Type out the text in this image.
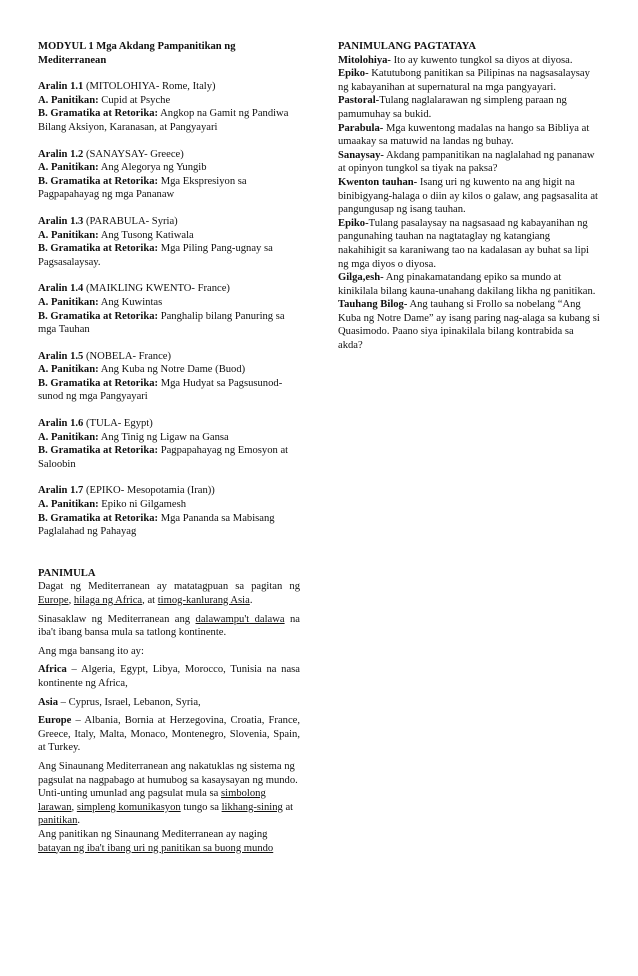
MODYUL 1 Mga Akdang Pampanitikan ng Mediterranean
Aralin 1.1 (MITOLOHIYA- Rome, Italy)
A. Panitikan: Cupid at Psyche
B. Gramatika at Retorika: Angkop na Gamit ng Pandiwa Bilang Aksiyon, Karanasan, at Pangyayari
Aralin 1.2 (SANAYSAY- Greece)
A. Panitikan: Ang Alegorya ng Yungib
B. Gramatika at Retorika: Mga Ekspresiyon sa Pagpapahayag ng mga Pananaw
Aralin 1.3 (PARABULA- Syria)
A. Panitikan: Ang Tusong Katiwala
B. Gramatika at Retorika: Mga Piling Pang-ugnay sa Pagsasalaysay.
Aralin 1.4 (MAIKLING KWENTO- France)
A. Panitikan: Ang Kuwintas
B. Gramatika at Retorika: Panghalip bilang Panuring sa mga Tauhan
Aralin 1.5 (NOBELA- France)
A. Panitikan: Ang Kuba ng Notre Dame (Buod)
B. Gramatika at Retorika: Mga Hudyat sa Pagsusunod-sunod ng mga Pangyayari
Aralin 1.6 (TULA- Egypt)
A. Panitikan: Ang Tinig ng Ligaw na Gansa
B. Gramatika at Retorika: Pagpapahayag ng Emosyon at Saloobin
Aralin 1.7 (EPIKO- Mesopotamia (Iran))
A. Panitikan: Epiko ni Gilgamesh
B. Gramatika at Retorika: Mga Pananda sa Mabisang Paglalahad ng Pahayag
PANIMULA
Dagat ng Mediterranean ay matatagpuan sa pagitan ng Europe, hilaga ng Africa, at timog-kanlurang Asia.
Sinasaklaw ng Mediterranean ang dalawampu't dalawa na iba't ibang bansa mula sa tatlong kontinente.
Ang mga bansang ito ay:
Africa – Algeria, Egypt, Libya, Morocco, Tunisia na nasa kontinente ng Africa,
Asia – Cyprus, Israel, Lebanon, Syria,
Europe – Albania, Bornia at Herzegovina, Croatia, France, Greece, Italy, Malta, Monaco, Montenegro, Slovenia, Spain, at Turkey.
Ang Sinaunang Mediterranean ang nakatuklas ng sistema ng pagsulat na nagpabago at humubog sa kasaysayan ng mundo. Unti-unting umunlad ang pagsulat mula sa simbolong larawan, simpleng komunikasyon tungo sa likhang-sining at panitikan.
Ang panitikan ng Sinaunang Mediterranean ay naging batayan ng iba't ibang uri ng panitikan sa buong mundo
PANIMULANG PAGTATAYA
Mitolohiya- Ito ay kuwento tungkol sa diyos at diyosa.
Epiko- Katutubong panitikan sa Pilipinas na nagsasalaysay ng kabayanihan at supernatural na mga pangyayari.
Pastoral-Tulang naglalarawan ng simpleng paraan ng pamumuhay sa bukid.
Parabula- Mga kuwentong madalas na hango sa Bibliya at umaakay sa matuwid na landas ng buhay.
Sanaysay- Akdang pampanitikan na naglalahad ng pananaw at opinyon tungkol sa tiyak na paksa?
Kwenton tauhan- Isang uri ng kuwento na ang higit na binibigyang-halaga o diin ay kilos o galaw, ang pagsasalita at pangungusap ng isang tauhan.
Epiko-Tulang pasalaysay na nagsasaad ng kabayanihan ng pangunahing tauhan na nagtataglay ng katangiang nakahihigit sa karaniwang tao na kadalasan ay buhat sa lipi ng mga diyos o diyosa.
Gilga,esh- Ang pinakamatandang epiko sa mundo at kinikilala bilang kauna-unahang dakilang likha ng panitikan.
Tauhang Bilog- Ang tauhang si Frollo sa nobelang “Ang Kuba ng Notre Dame” ay isang paring nag-alaga sa kubang si Quasimodo. Paano siya ipinakilala bilang kontrabida sa akda?
